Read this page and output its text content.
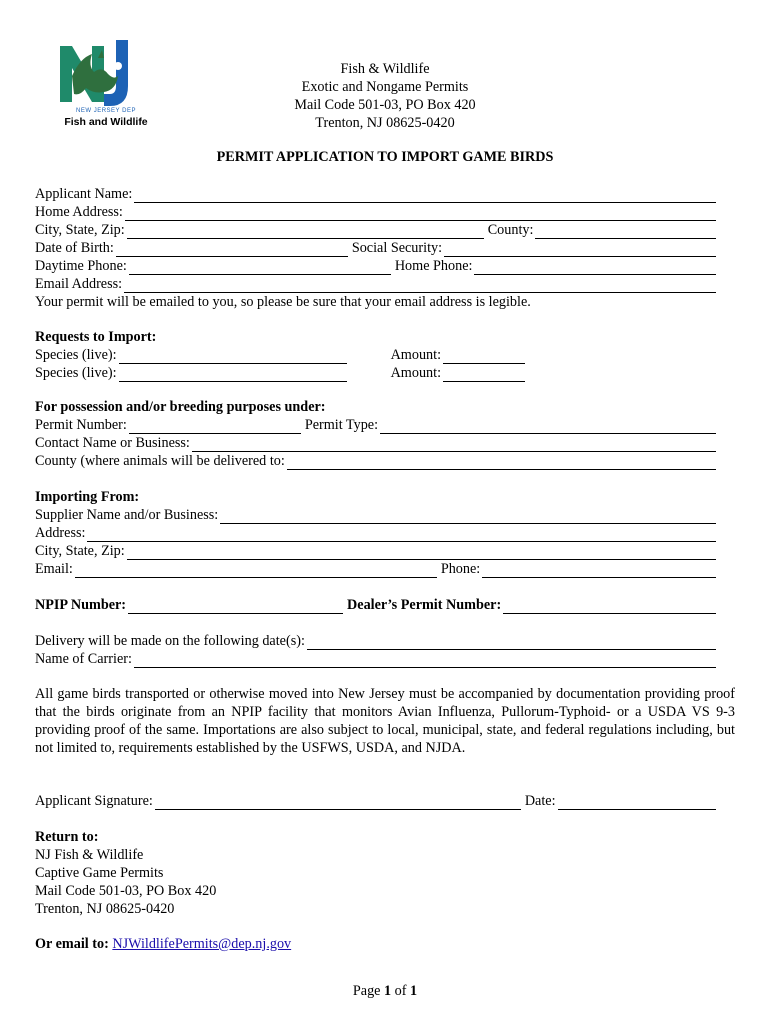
NEW JERSEY DEP
Fish and Wildlife
Fish & Wildlife
Exotic and Nongame Permits
Mail Code 501-03, PO Box 420
Trenton, NJ 08625-0420
PERMIT APPLICATION TO IMPORT GAME BIRDS
Applicant Name:
Home Address:
City, State, Zip:	County:
Date of Birth:	Social Security:
Daytime Phone:	Home Phone:
Email Address:
Your permit will be emailed to you, so please be sure that your email address is legible.
Requests to Import:
Species (live):	Amount:
Species (live):	Amount:
For possession and/or breeding purposes under:
Permit Number:	Permit Type:
Contact Name or Business:
County (where animals will be delivered to:
Importing From:
Supplier Name and/or Business:
Address:
City, State, Zip:
Email:	Phone:
NPIP Number:	Dealer’s Permit Number:
Delivery will be made on the following date(s):
Name of Carrier:
All game birds transported or otherwise moved into New Jersey must be accompanied by documentation providing proof that the birds originate from an NPIP facility that monitors Avian Influenza, Pullorum-Typhoid- or a USDA VS 9-3 providing proof of the same. Importations are also subject to local, municipal, state, and federal regulations including, but not limited to, requirements established by the USFWS, USDA, and NJDA.
Applicant Signature:	Date:
Return to:
NJ Fish & Wildlife
Captive Game Permits
Mail Code 501-03, PO Box 420
Trenton, NJ 08625-0420
Or email to: NJWildlifePermits@dep.nj.gov
Page 1 of 1
